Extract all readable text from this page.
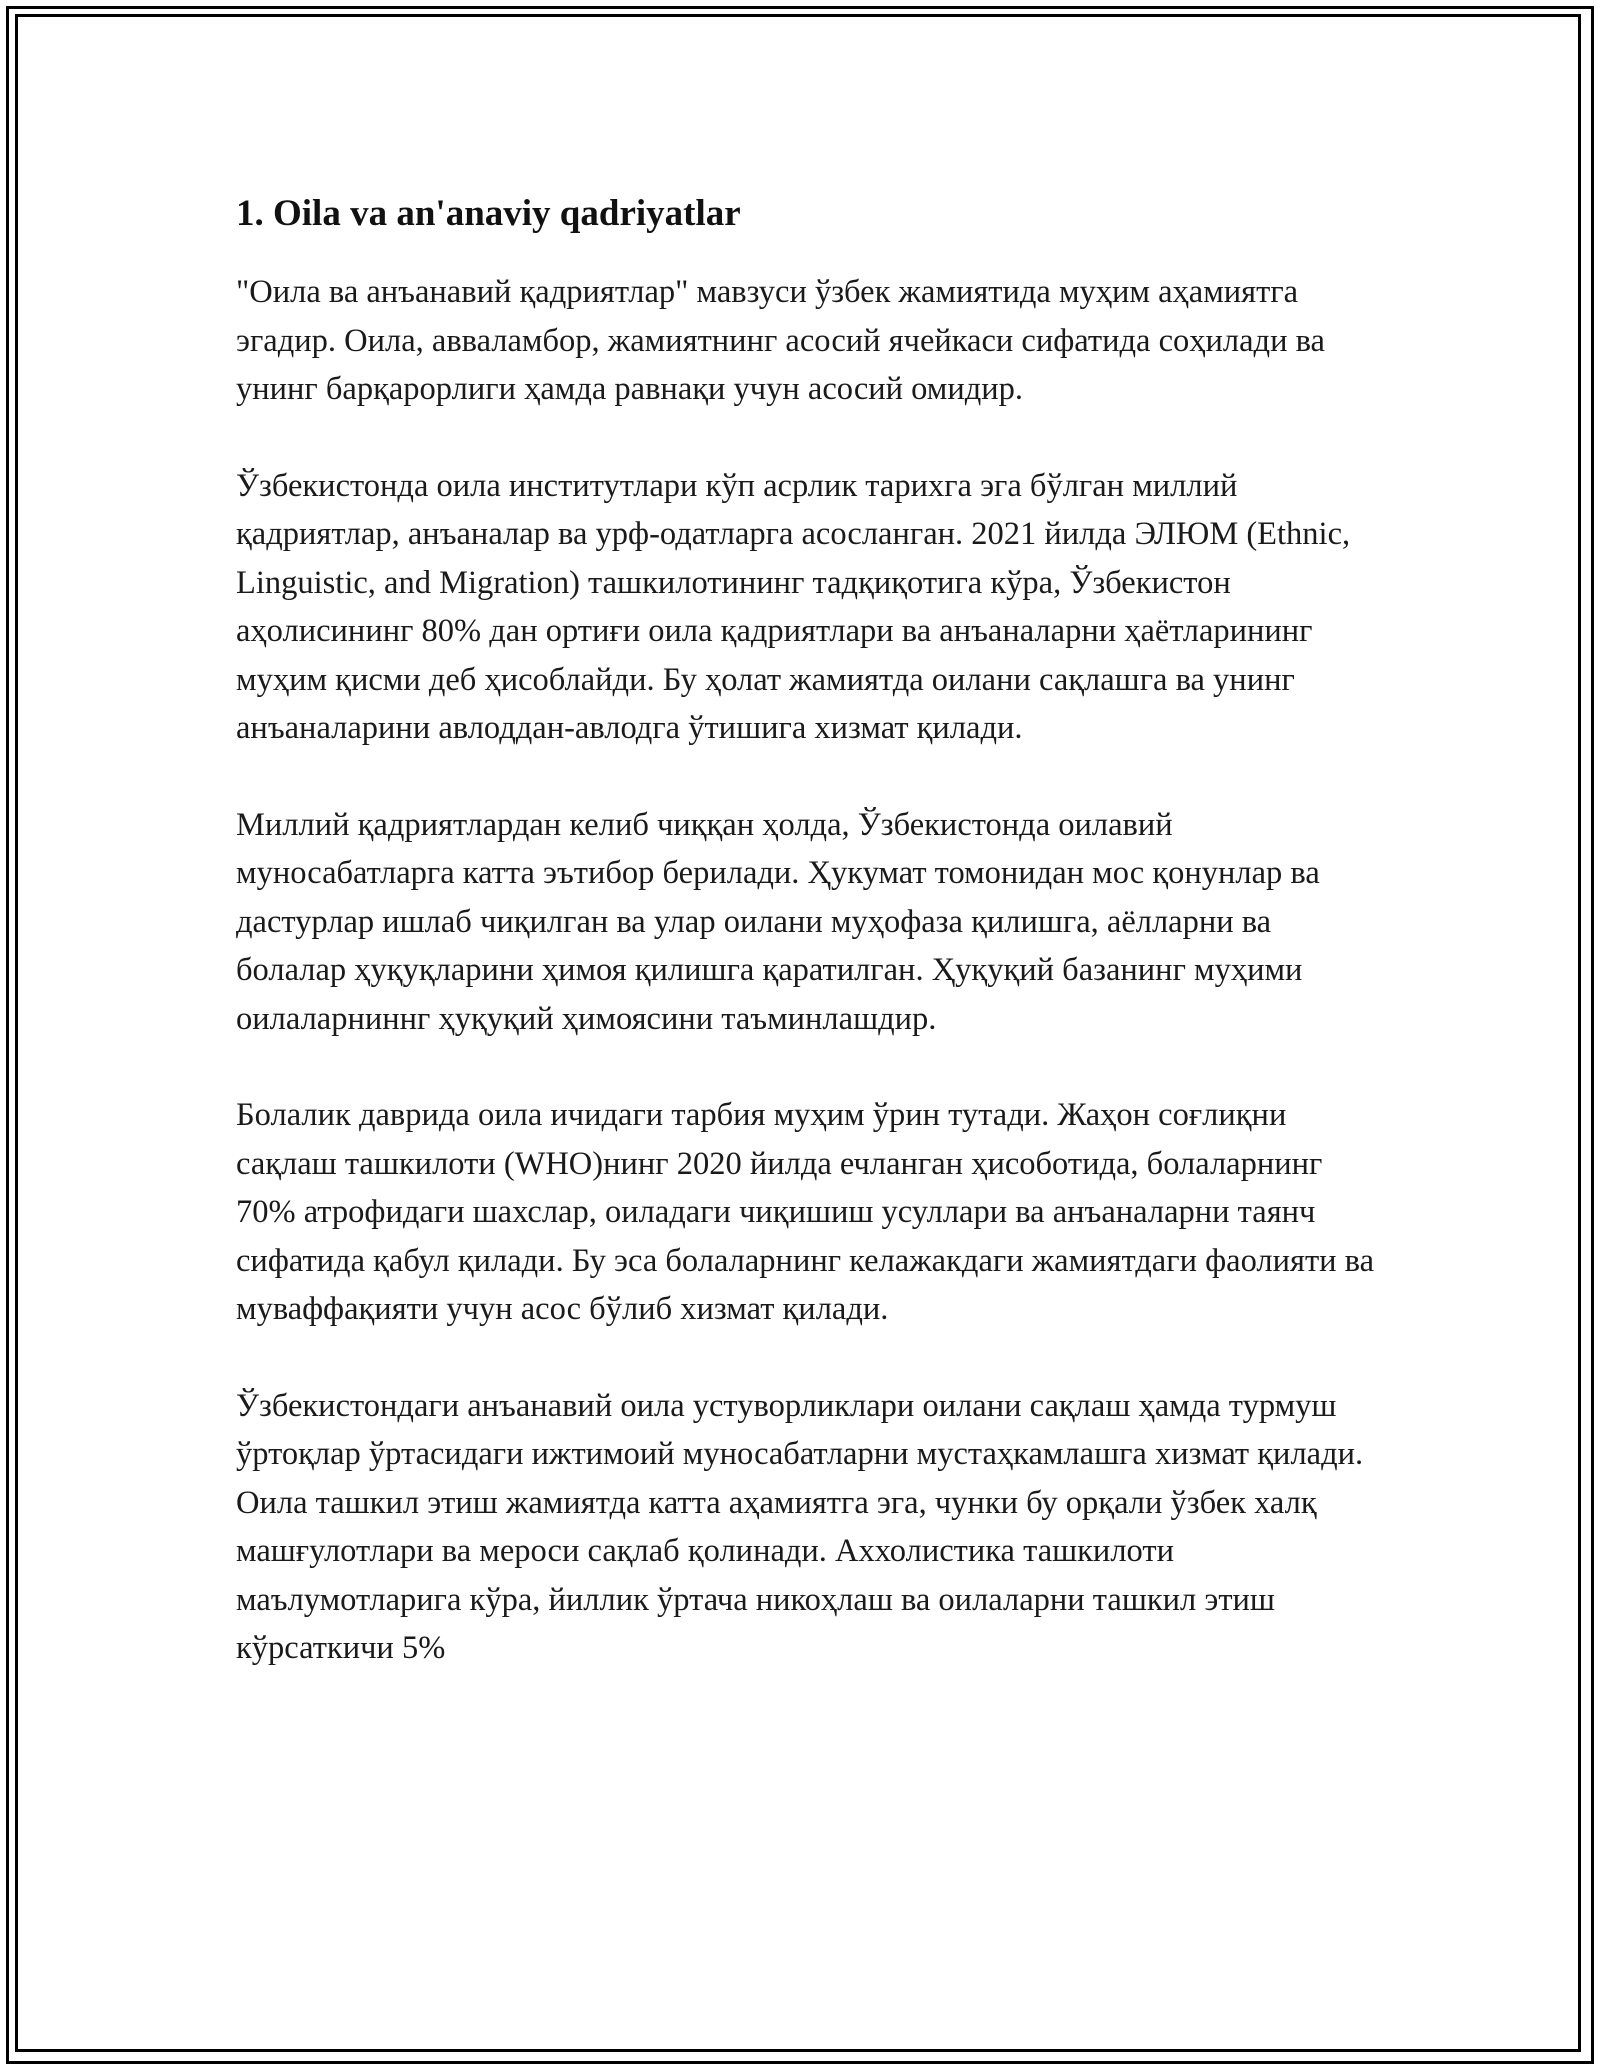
1. Oila va an'anaviy qadriyatlar

"Оила ва анъанавий қадриятлар" мавзуси ўзбек жамиятида муҳим аҳамиятга эгадир. Оила, авваламбор, жамиятнинг асосий ячейкаси сифатида соҳилади ва унинг барқарорлиги ҳамда равнақи учун асосий омидир.

Ўзбекистонда оила институтлари кўп асрлик тарихга эга бўлган миллий қадриятлар, анъаналар ва урф-одатларга асосланган. 2021 йилда ЭЛЮМ (Ethnic, Linguistic, and Migration) ташкилотининг тадқиқотига кўра, Ўзбекистон аҳолисининг 80% дан ортиғи оила қадриятлари ва анъаналарни ҳаётларининг муҳим қисми деб ҳисоблайди. Бу ҳолат жамиятда оилани сақлашга ва унинг анъаналарини авлоддан-авлодга ўтишига хизмат қилади.

Миллий қадриятлардан келиб чиққан ҳолда, Ўзбекистонда оилавий муносабатларга катта эътибор берилади. Ҳукумат томонидан мос қонунлар ва дастурлар ишлаб чиқилган ва улар оилани муҳофаза қилишга, аёлларни ва болалар ҳуқуқларини ҳимоя қилишга қаратилган. Ҳуқуқий базанинг муҳими оилаларниннг ҳуқуқий ҳимоясини таъминлашдир.

Болалик даврида оила ичидаги тарбия муҳим ўрин тутади. Жаҳон соғлиқни сақлаш ташкилоти (WHO)нинг 2020 йилда ечланган ҳисоботида, болаларнинг 70% атрофидаги шахслар, оиладаги чиқишиш усуллари ва анъаналарни таянч сифатида қабул қилади. Бу эса болаларнинг келажакдаги жамиятдаги фаолияти ва муваффақияти учун асос бўлиб хизмат қилади.

Ўзбекистондаги анъанавий оила устуворликлари оилани сақлаш ҳамда турмуш ўртоқлар ўртасидаги ижтимоий муносабатларни мустаҳкамлашга хизмат қилади. Оила ташкил этиш жамиятда катта аҳамиятга эга, чунки бу орқали ўзбек халқ машғулотлари ва мероси сақлаб қолинади. Аххолистика ташкилоти маълумотларига кўра, йиллик ўртача никоҳлаш ва оилаларни ташкил этиш кўрсаткичи 5%
